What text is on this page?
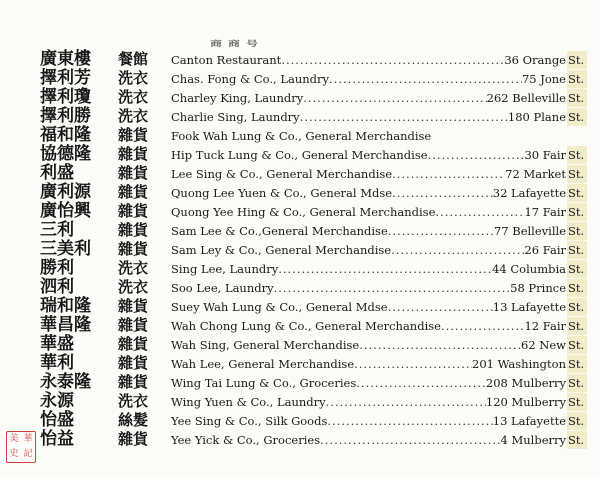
商商号
廣東樓 餐館 Canton Restaurant .....	36 Orange St.
擇利芳 洗衣 Chas. Fong & Co., Laundry .....	75 Jone St.
擇利瓊 洗衣 Charley King, Laundry .....	262 Belleville St.
擇利勝 洗衣 Charlie Sing, Laundry .....	180 Plane St.
福和隆 雜貨 Fook Wah Lung & Co., General Merchandise
協德隆 雜貨 Hip Tuck Lung & Co., General Merchandise .....	30 Fair St.
利盛	雜貨 Lee Sing & Co., General Merchandise .....	72 Market St.
廣利源 雜貨 Quong Lee Yuen & Co., General Mdse .....	32 Lafayette St.
廣怡興 雜貨 Quong Yee Hing & Co., General Merchandise .....	17 Fair St.
三利	雜貨 Sam Lee & Co.,General Merchandise .....	77 Belleville St.
三美利 雜貨 Sam Ley & Co., General Merchandise .....	26 Fair St.
勝利	洗衣 Sing Lee, Laundry .....	44 Columbia St.
泗利	洗衣 Soo Lee, Laundry .....	58 Prince St.
瑞和隆 雜貨 Suey Wah Lung & Co., General Mdse .....	13 Lafayette St.
華昌隆 雜貨 Wah Chong Lung & Co., General Merchandise .....	12 Fair St.
華盛	雜貨 Wah Sing, General Merchandise .....	62 New St.
華利	雜貨 Wah Lee, General Merchandise .....	201 Washington St.
永泰隆 雜貨 Wing Tai Lung & Co., Groceries .....	208 Mulberry St.
永源	洗衣 Wing Yuen & Co., Laundry .....	120 Mulberry St.
怡盛	絲髮 Yee Sing & Co., Silk Goods .....	13 Lafayette St.
怡益	雜貨 Yee Yick & Co., Groceries .....	4 Mulberry St.
美 華
史 記
